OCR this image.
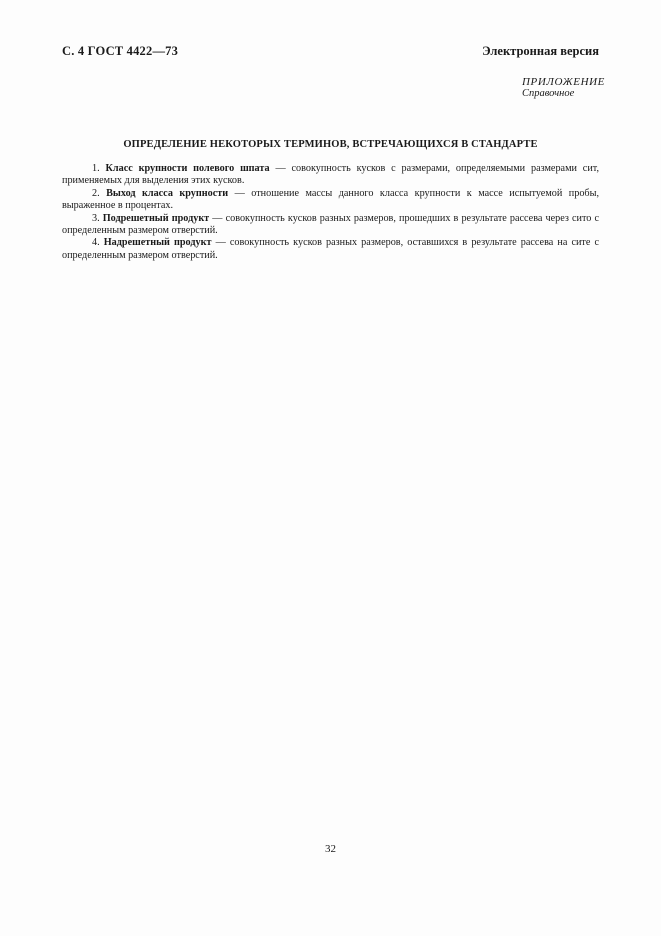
С. 4 ГОСТ 4422—73	Электронная версия
ПРИЛОЖЕНИЕ
Справочное
ОПРЕДЕЛЕНИЕ НЕКОТОРЫХ ТЕРМИНОВ, ВСТРЕЧАЮЩИХСЯ В СТАНДАРТЕ

1. Класс крупности полевого шпата — совокупность кусков с размерами, определяемыми размерами сит, применяемых для выделения этих кусков.

2. Выход класса крупности — отношение массы данного класса крупности к массе испытуемой пробы, выраженное в процентах.

3. Подрешетный продукт — совокупность кусков разных размеров, прошедших в результате рассева через сито с определенным размером отверстий.

4. Надрешетный продукт — совокупность кусков разных размеров, оставшихся в результате рассева на сите с определенным размером отверстий.

32
